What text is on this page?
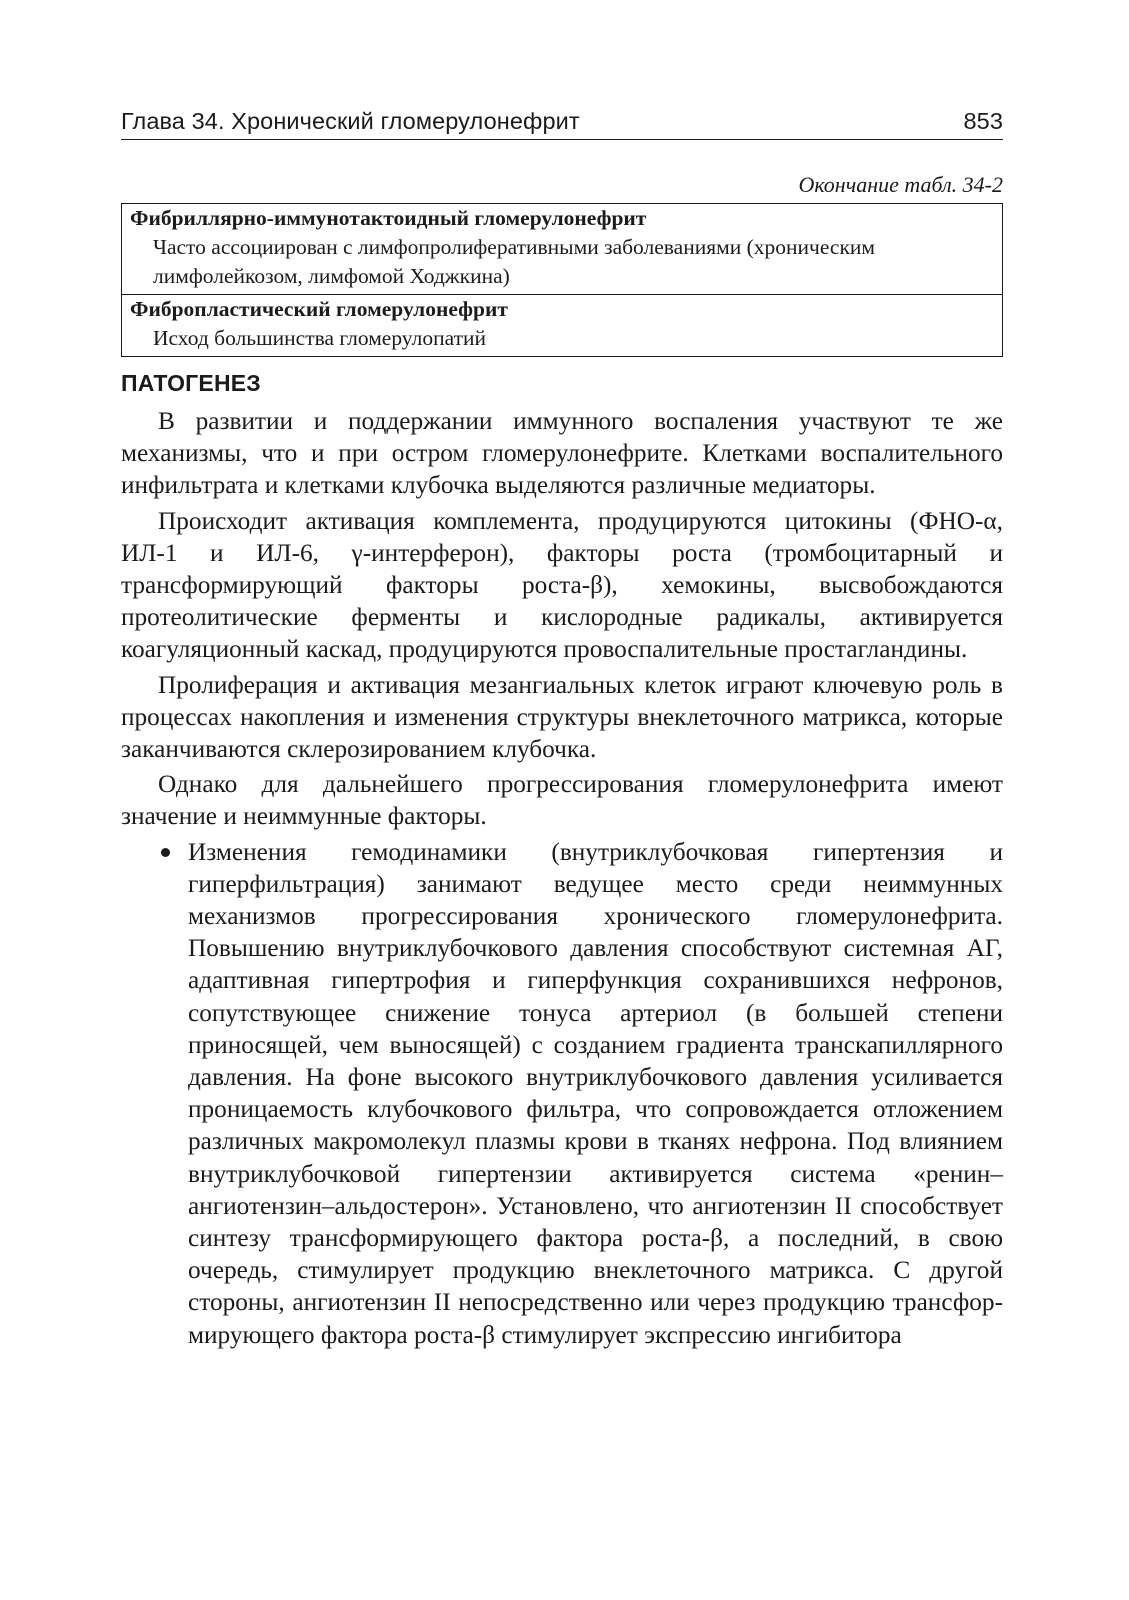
Глава 34. Хронический гломерулонефрит	853
Окончание табл. 34-2
Фибриллярно-иммунотактоидный гломерулонефрит
Часто ассоциирован с лимфопролиферативными заболеваниями (хроническим лимфолейкозом, лимфомой Ходжкина)
Фибропластический гломерулонефрит
Исход большинства гломерулопатий
ПАТОГЕНЕЗ

В развитии и поддержании иммунного воспаления участвуют те же механизмы, что и при остром гломерулонефрите. Клетками воспалительного инфильтрата и клетками клубочка выделяются различные медиаторы.

Происходит активация комплемента, продуцируются цитокины (ФНО-α, ИЛ-1 и ИЛ-6, γ-интерферон), факторы роста (тромбоцитарный и трансформирующий факторы роста-β), хемокины, высвобождаются протеолитические ферменты и кислородные радикалы, активируется коагуляционный каскад, продуцируются провоспалительные простагландины.

Пролиферация и активация мезангиальных клеток играют ключевую роль в процессах накопления и изменения структуры внеклеточного матрикса, которые заканчиваются склерозированием клубочка.

Однако для дальнейшего прогрессирования гломерулонефрита имеют значение и неиммунные факторы.

Изменения гемодинамики (внутриклубочковая гипертензия и гиперфильтрация) занимают ведущее место среди неиммунных механизмов прогрессирования хронического гломерулонефрита. Повышению внутриклубочкового давления способствуют системная АГ, адаптивная гипертрофия и гиперфункция сохранившихся нефронов, сопутствующее снижение тонуса артериол (в большей степени приносящей, чем выносящей) с созданием градиента транскапиллярного давления. На фоне высокого внутриклубочкового давления усиливается проницаемость клубочкового фильтра, что сопровождается отложением различных макромолекул плазмы крови в тканях нефрона. Под влиянием внутриклубочковой гипертензии активируется система «ренин–ангиотензин–альдостерон». Установлено, что ангиотензин II способствует синтезу трансформирующего фактора роста-β, а последний, в свою очередь, стимулирует продукцию внеклеточного матрикса. С другой стороны, ангиотензин II непосредственно или через продукцию трансформирующего фактора роста-β стимулирует экспрессию ингибитора
